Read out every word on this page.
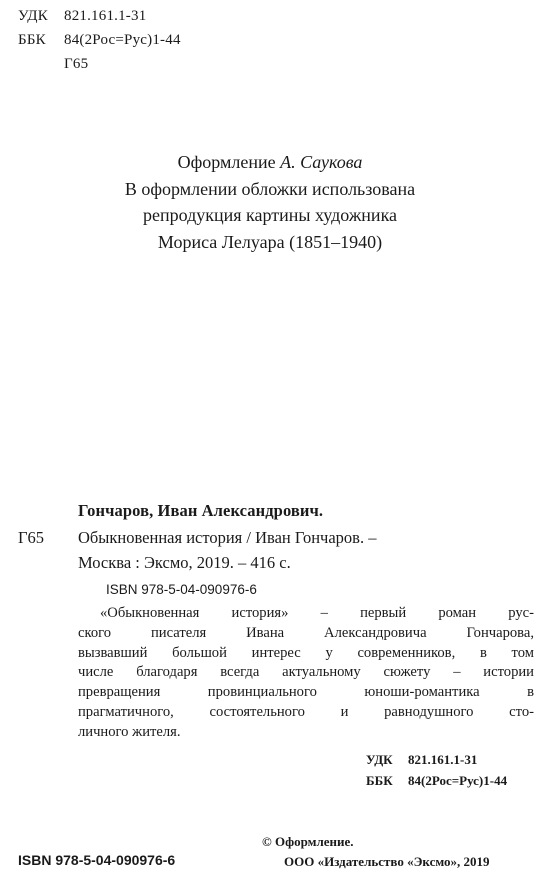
УДК 821.161.1-31
ББК 84(2Рос=Рус)1-44
Г65
Оформление А. Саукова
В оформлении обложки использована
репродукция картины художника
Мориса Лелуара (1851–1940)
Гончаров, Иван Александрович.
Г65 Обыкновенная история / Иван Гончаров. –
Москва : Эксмо, 2019. – 416 с.
ISBN 978-5-04-090976-6
«Обыкновенная история» – первый роман рус-
ского писателя Ивана Александровича Гончарова,
вызвавший большой интерес у современников, в том
числе благодаря всегда актуальному сюжету – истории
превращения провинциального юноши-романтика в
прагматичного, состоятельного и равнодушного сто-
личного жителя.
УДК 821.161.1-31
ББК 84(2Рос=Рус)1-44
© Оформление.
ООО «Издательство «Эксмо», 2019
ISBN 978-5-04-090976-6
